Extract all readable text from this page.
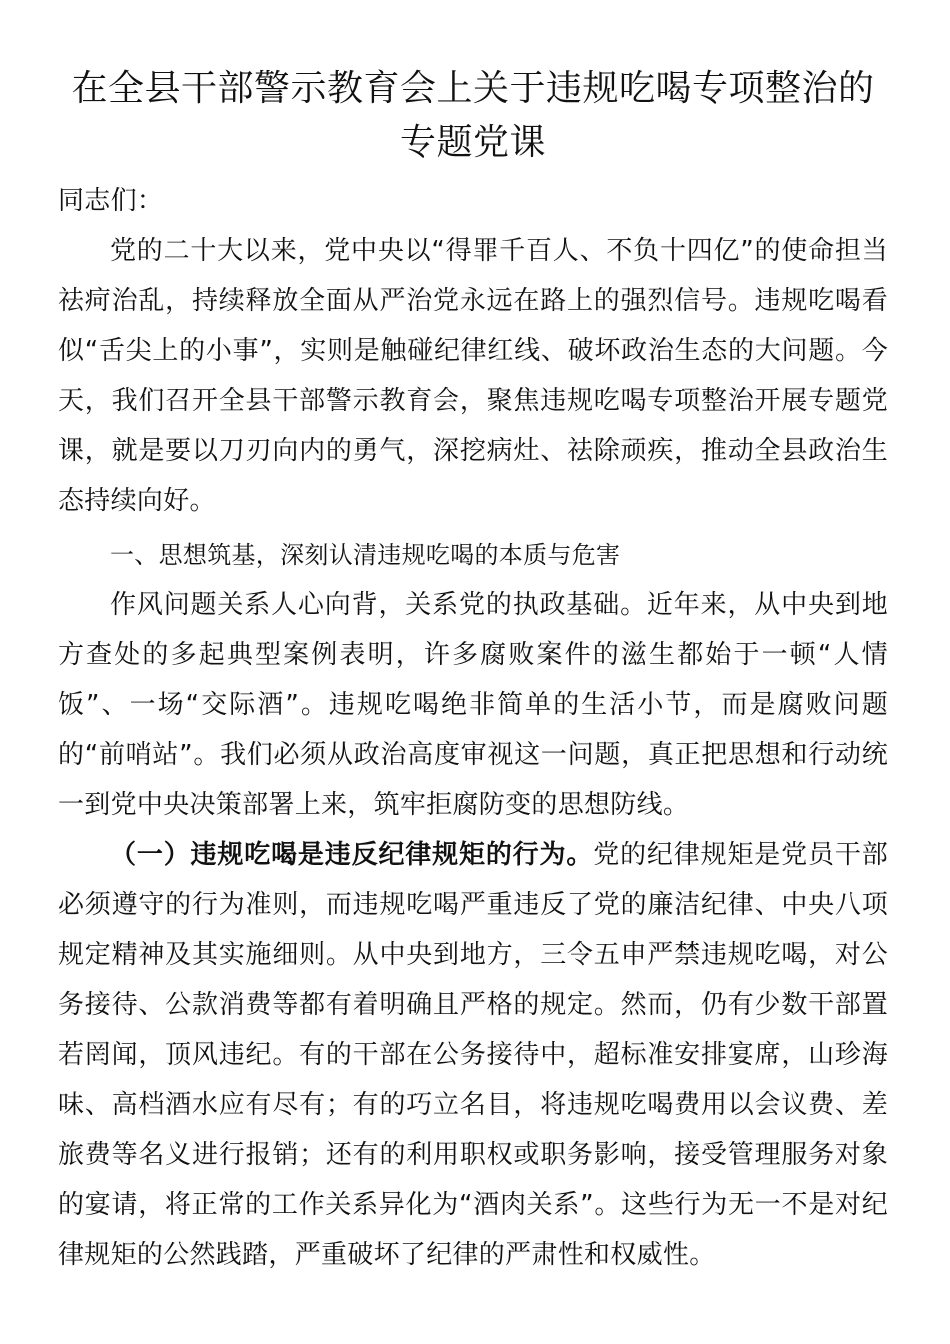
在全县干部警示教育会上关于违规吃喝专项整治的专题党课

同志们：

党的二十大以来，党中央以“得罪千百人、不负十四亿”的使命担当祛疴治乱，持续释放全面从严治党永远在路上的强烈信号。违规吃喝看似“舌尖上的小事”，实则是触碰纪律红线、破坏政治生态的大问题。今天，我们召开全县干部警示教育会，聚焦违规吃喝专项整治开展专题党课，就是要以刀刃向内的勇气，深挖病灶、祛除顽疾，推动全县政治生态持续向好。

一、思想筑基，深刻认清违规吃喝的本质与危害

作风问题关系人心向背，关系党的执政基础。近年来，从中央到地方查处的多起典型案例表明，许多腐败案件的滋生都始于一顿“人情饭”、一场“交际酒”。违规吃喝绝非简单的生活小节，而是腐败问题的“前哨站”。我们必须从政治高度审视这一问题，真正把思想和行动统一到党中央决策部署上来，筑牢拒腐防变的思想防线。

（一）违规吃喝是违反纪律规矩的行为。党的纪律规矩是党员干部必须遵守的行为准则，而违规吃喝严重违反了党的廉洁纪律、中央八项规定精神及其实施细则。从中央到地方，三令五申严禁违规吃喝，对公务接待、公款消费等都有着明确且严格的规定。然而，仍有少数干部置若罔闻，顶风违纪。有的干部在公务接待中，超标准安排宴席，山珍海味、高档酒水应有尽有；有的巧立名目，将违规吃喝费用以会议费、差旅费等名义进行报销；还有的利用职权或职务影响，接受管理服务对象的宴请，将正常的工作关系异化为“酒肉关系”。这些行为无一不是对纪律规矩的公然践踏，严重破坏了纪律的严肃性和权威性。
